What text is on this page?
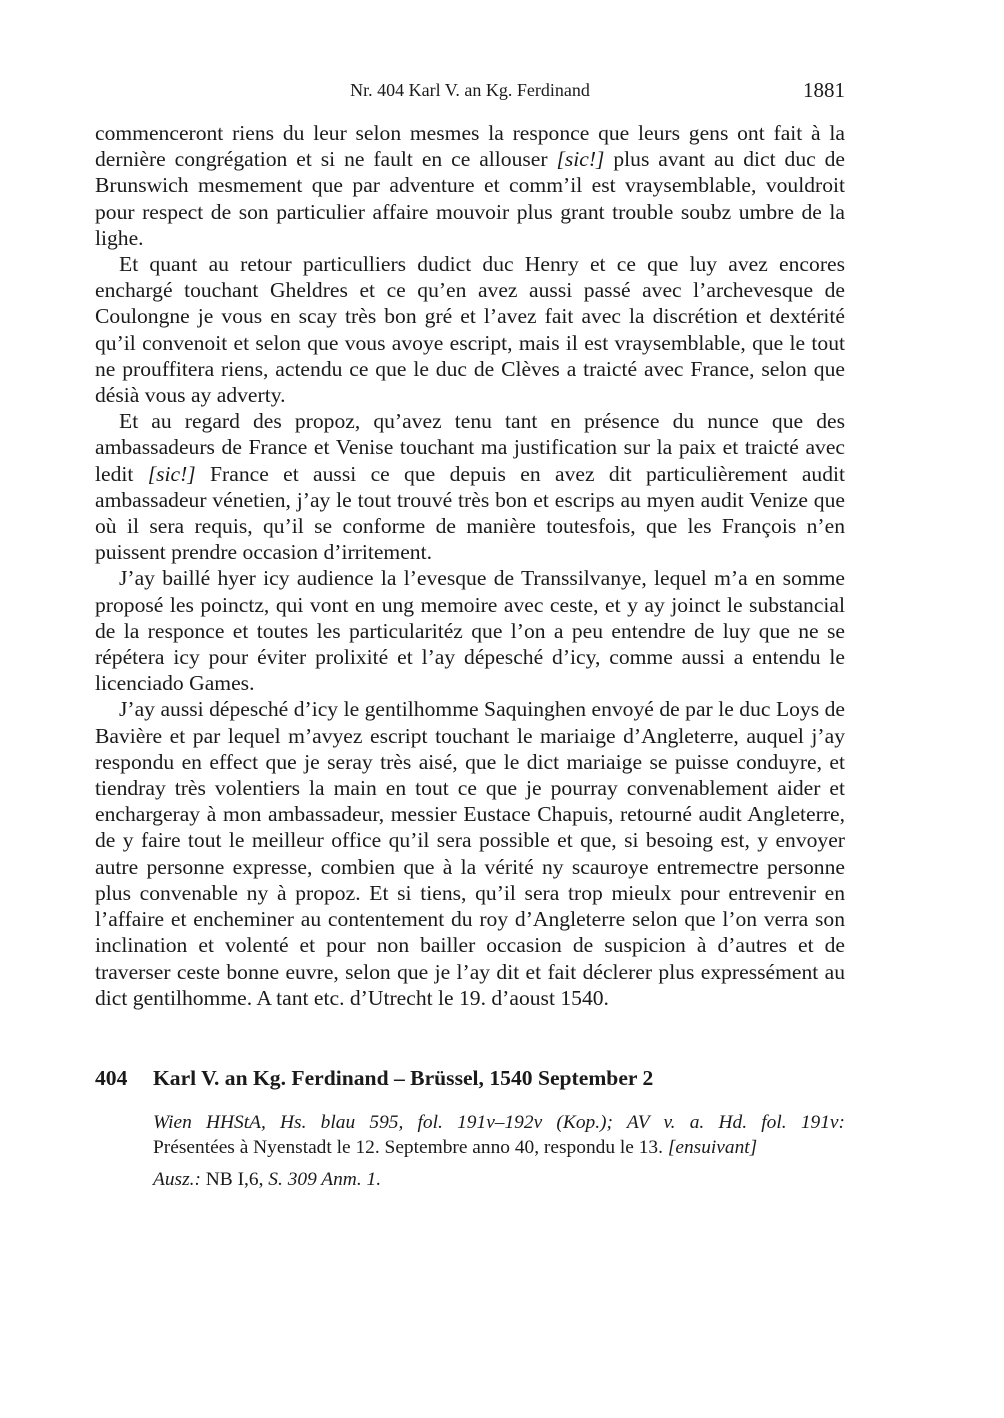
Nr. 404 Karl V. an Kg. Ferdinand	1881

commenceront riens du leur selon mesmes la responce que leurs gens ont fait à la dernière congrégation et si ne fault en ce allouser [sic!] plus avant au dict duc de Brunswich mesmement que par adventure et comm’il est vraysemblable, vouldroit pour respect de son particulier affaire mouvoir plus grant trouble soubz umbre de la lighe.

Et quant au retour particulliers dudict duc Henry et ce que luy avez encores enchargé touchant Gheldres et ce qu’en avez aussi passé avec l’archevesque de Coulongne je vous en scay très bon gré et l’avez fait avec la discrétion et dextérité qu’il convenoit et selon que vous avoye escript, mais il est vraysemblable, que le tout ne prouffitera riens, actendu ce que le duc de Clèves a traicté avec France, selon que désià vous ay adverty.

Et au regard des propoz, qu’avez tenu tant en présence du nunce que des ambassadeurs de France et Venise touchant ma justification sur la paix et traicté avec ledit [sic!] France et aussi ce que depuis en avez dit particulièrement audit ambassadeur vénetien, j’ay le tout trouvé très bon et escrips au myen audit Venize que où il sera requis, qu’il se conforme de manière toutesfois, que les François n’en puissent prendre occasion d’irritement.

J’ay baillé hyer icy audience la l’evesque de Transsilvanye, lequel m’a en somme proposé les poinctz, qui vont en ung memoire avec ceste, et y ay joinct le substancial de la responce et toutes les particularitéz que l’on a peu entendre de luy que ne se répétera icy pour éviter prolixité et l’ay dépesché d’icy, comme aussi a entendu le licenciado Games.

J’ay aussi dépesché d’icy le gentilhomme Saquinghen envoyé de par le duc Loys de Bavière et par lequel m’avyez escript touchant le mariaige d’Angleterre, auquel j’ay respondu en effect que je seray très aisé, que le dict mariaige se puisse conduyre, et tiendray très volentiers la main en tout ce que je pourray convenablement aider et enchargeray à mon ambassadeur, messier Eustace Chapuis, retourné audit Angleterre, de y faire tout le meilleur office qu’il sera possible et que, si besoing est, y envoyer autre personne expresse, combien que à la vérité ny scauroye entremectre personne plus convenable ny à propoz. Et si tiens, qu’il sera trop mieulx pour entrevenir en l’affaire et encheminer au contentement du roy d’Angleterre selon que l’on verra son inclination et volenté et pour non bailler occasion de suspicion à d’autres et de traverser ceste bonne euvre, selon que je l’ay dit et fait déclerer plus expressément au dict gentilhomme. A tant etc. d’Utrecht le 19. d’aoust 1540.

404 Karl V. an Kg. Ferdinand – Brüssel, 1540 September 2
Wien HHStA, Hs. blau 595, fol. 191v–192v (Kop.); AV v. a. Hd. fol. 191v:
Présentées à Nyenstadt le 12. Septembre anno 40, respondu le 13. [ensuivant]
Ausz.: NB I,6, S. 309 Anm. 1.
